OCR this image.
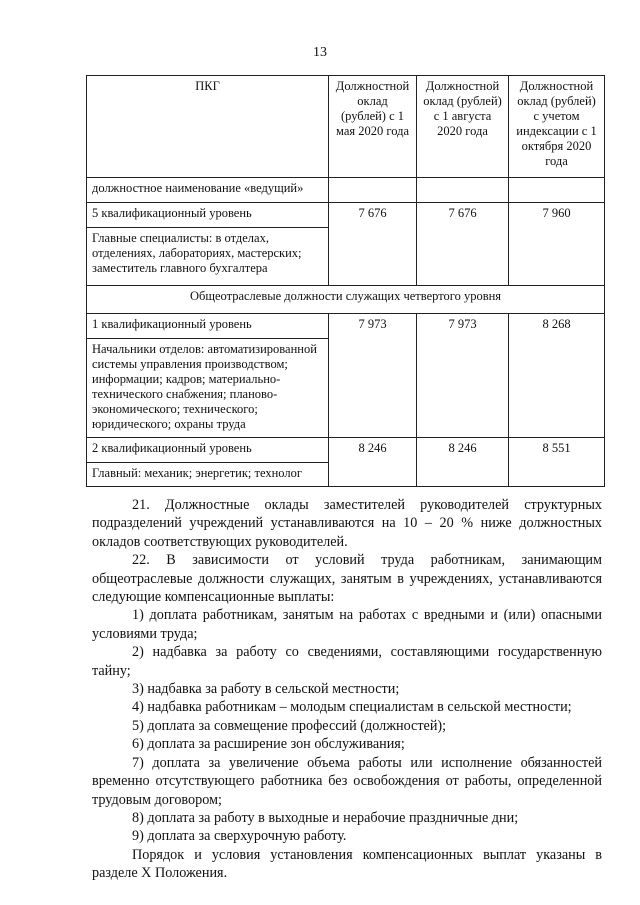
13
ПКГ	Должностной оклад (рублей) с 1 мая 2020 года	Должностной оклад (рублей) с 1 августа 2020 года	Должностной оклад (рублей) с учетом индексации с 1 октября 2020 года
должностное наименование «ведущий»			
5 квалификационный уровень	7 676	7 676	7 960
Главные специалисты: в отделах, отделениях, лабораториях, мастерских; заместитель главного бухгалтера			
Общеотраслевые должности служащих четвертого уровня			
1 квалификационный уровень	7 973	7 973	8 268
Начальники отделов: автоматизированной системы управления производством; информации; кадров; материально-технического снабжения; планово-экономического; технического; юридического; охраны труда			
2 квалификационный уровень	8 246	8 246	8 551
Главный: механик; энергетик; технолог			

21. Должностные оклады заместителей руководителей структурных подразделений учреждений устанавливаются на 10 – 20 % ниже должностных окладов соответствующих руководителей.

22. В зависимости от условий труда работникам, занимающим общеотраслевые должности служащих, занятым в учреждениях, устанавливаются следующие компенсационные выплаты:

1) доплата работникам, занятым на работах с вредными и (или) опасными условиями труда;

2) надбавка за работу со сведениями, составляющими государственную тайну;

3) надбавка за работу в сельской местности;

4) надбавка работникам – молодым специалистам в сельской местности;

5) доплата за совмещение профессий (должностей);

6) доплата за расширение зон обслуживания;

7) доплата за увеличение объема работы или исполнение обязанностей временно отсутствующего работника без освобождения от работы, определенной трудовым договором;

8) доплата за работу в выходные и нерабочие праздничные дни;

9) доплата за сверхурочную работу.

Порядок и условия установления компенсационных выплат указаны в разделе X Положения.
